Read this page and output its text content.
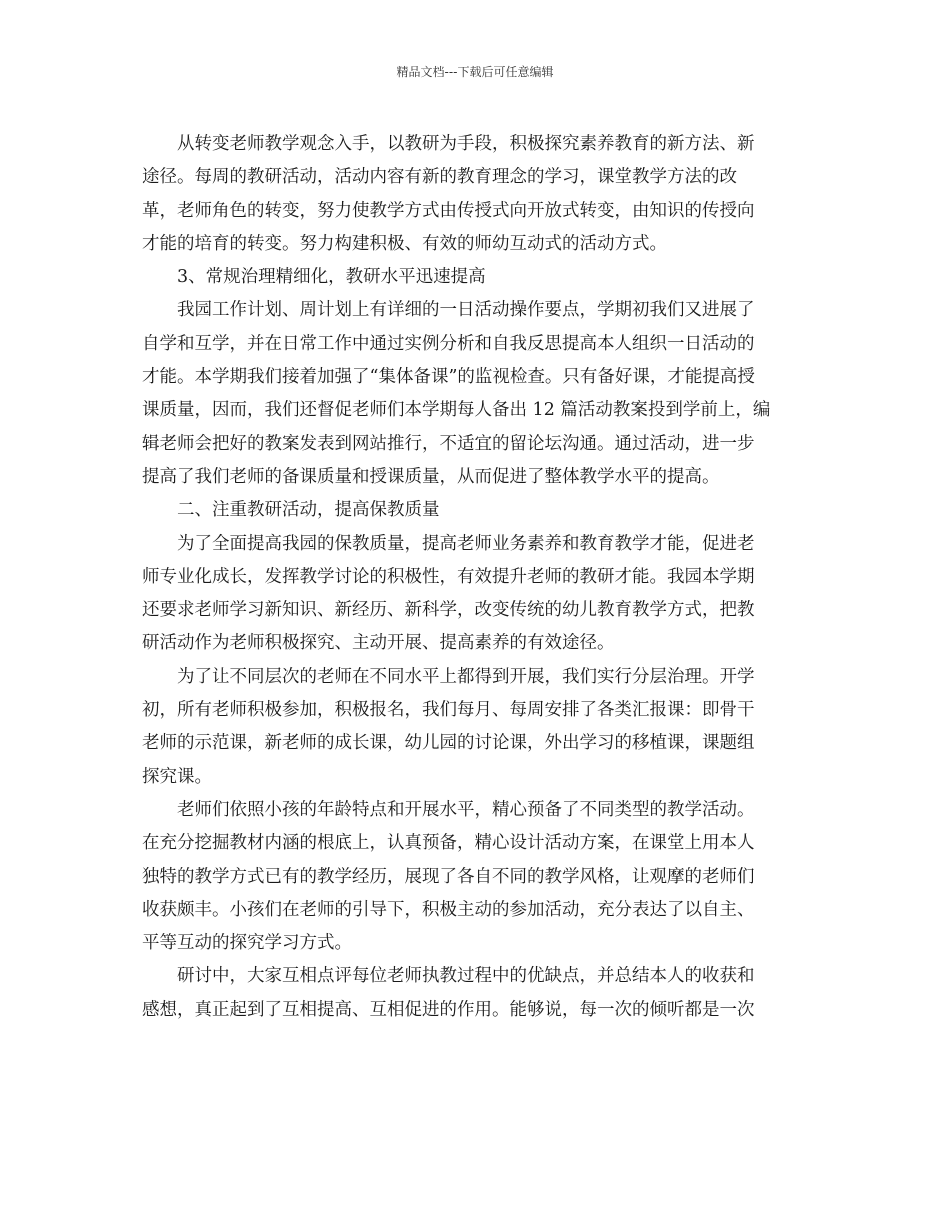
精品文档---下载后可任意编辑
从转变老师教学观念入手，以教研为手段，积极探究素养教育的新方法、新
途径。每周的教研活动，活动内容有新的教育理念的学习，课堂教学方法的改
革，老师角色的转变，努力使教学方式由传授式向开放式转变，由知识的传授向
才能的培育的转变。努力构建积极、有效的师幼互动式的活动方式。
3、常规治理精细化，教研水平迅速提高
我园工作计划、周计划上有详细的一日活动操作要点，学期初我们又进展了
自学和互学，并在日常工作中通过实例分析和自我反思提高本人组织一日活动的
才能。本学期我们接着加强了“集体备课”的监视检查。只有备好课，才能提高授
课质量，因而，我们还督促老师们本学期每人备出 12 篇活动教案投到学前上，编
辑老师会把好的教案发表到网站推行，不适宜的留论坛沟通。通过活动，进一步
提高了我们老师的备课质量和授课质量，从而促进了整体教学水平的提高。
二、注重教研活动，提高保教质量
为了全面提高我园的保教质量，提高老师业务素养和教育教学才能，促进老
师专业化成长，发挥教学讨论的积极性，有效提升老师的教研才能。我园本学期
还要求老师学习新知识、新经历、新科学，改变传统的幼儿教育教学方式，把教
研活动作为老师积极探究、主动开展、提高素养的有效途径。
为了让不同层次的老师在不同水平上都得到开展，我们实行分层治理。开学
初，所有老师积极参加，积极报名，我们每月、每周安排了各类汇报课：即骨干
老师的示范课，新老师的成长课，幼儿园的讨论课，外出学习的移植课，课题组
探究课。
老师们依照小孩的年龄特点和开展水平，精心预备了不同类型的教学活动。
在充分挖掘教材内涵的根底上，认真预备，精心设计活动方案，在课堂上用本人
独特的教学方式已有的教学经历，展现了各自不同的教学风格，让观摩的老师们
收获颇丰。小孩们在老师的引导下，积极主动的参加活动，充分表达了以自主、
平等互动的探究学习方式。
研讨中，大家互相点评每位老师执教过程中的优缺点，并总结本人的收获和
感想，真正起到了互相提高、互相促进的作用。能够说，每一次的倾听都是一次
